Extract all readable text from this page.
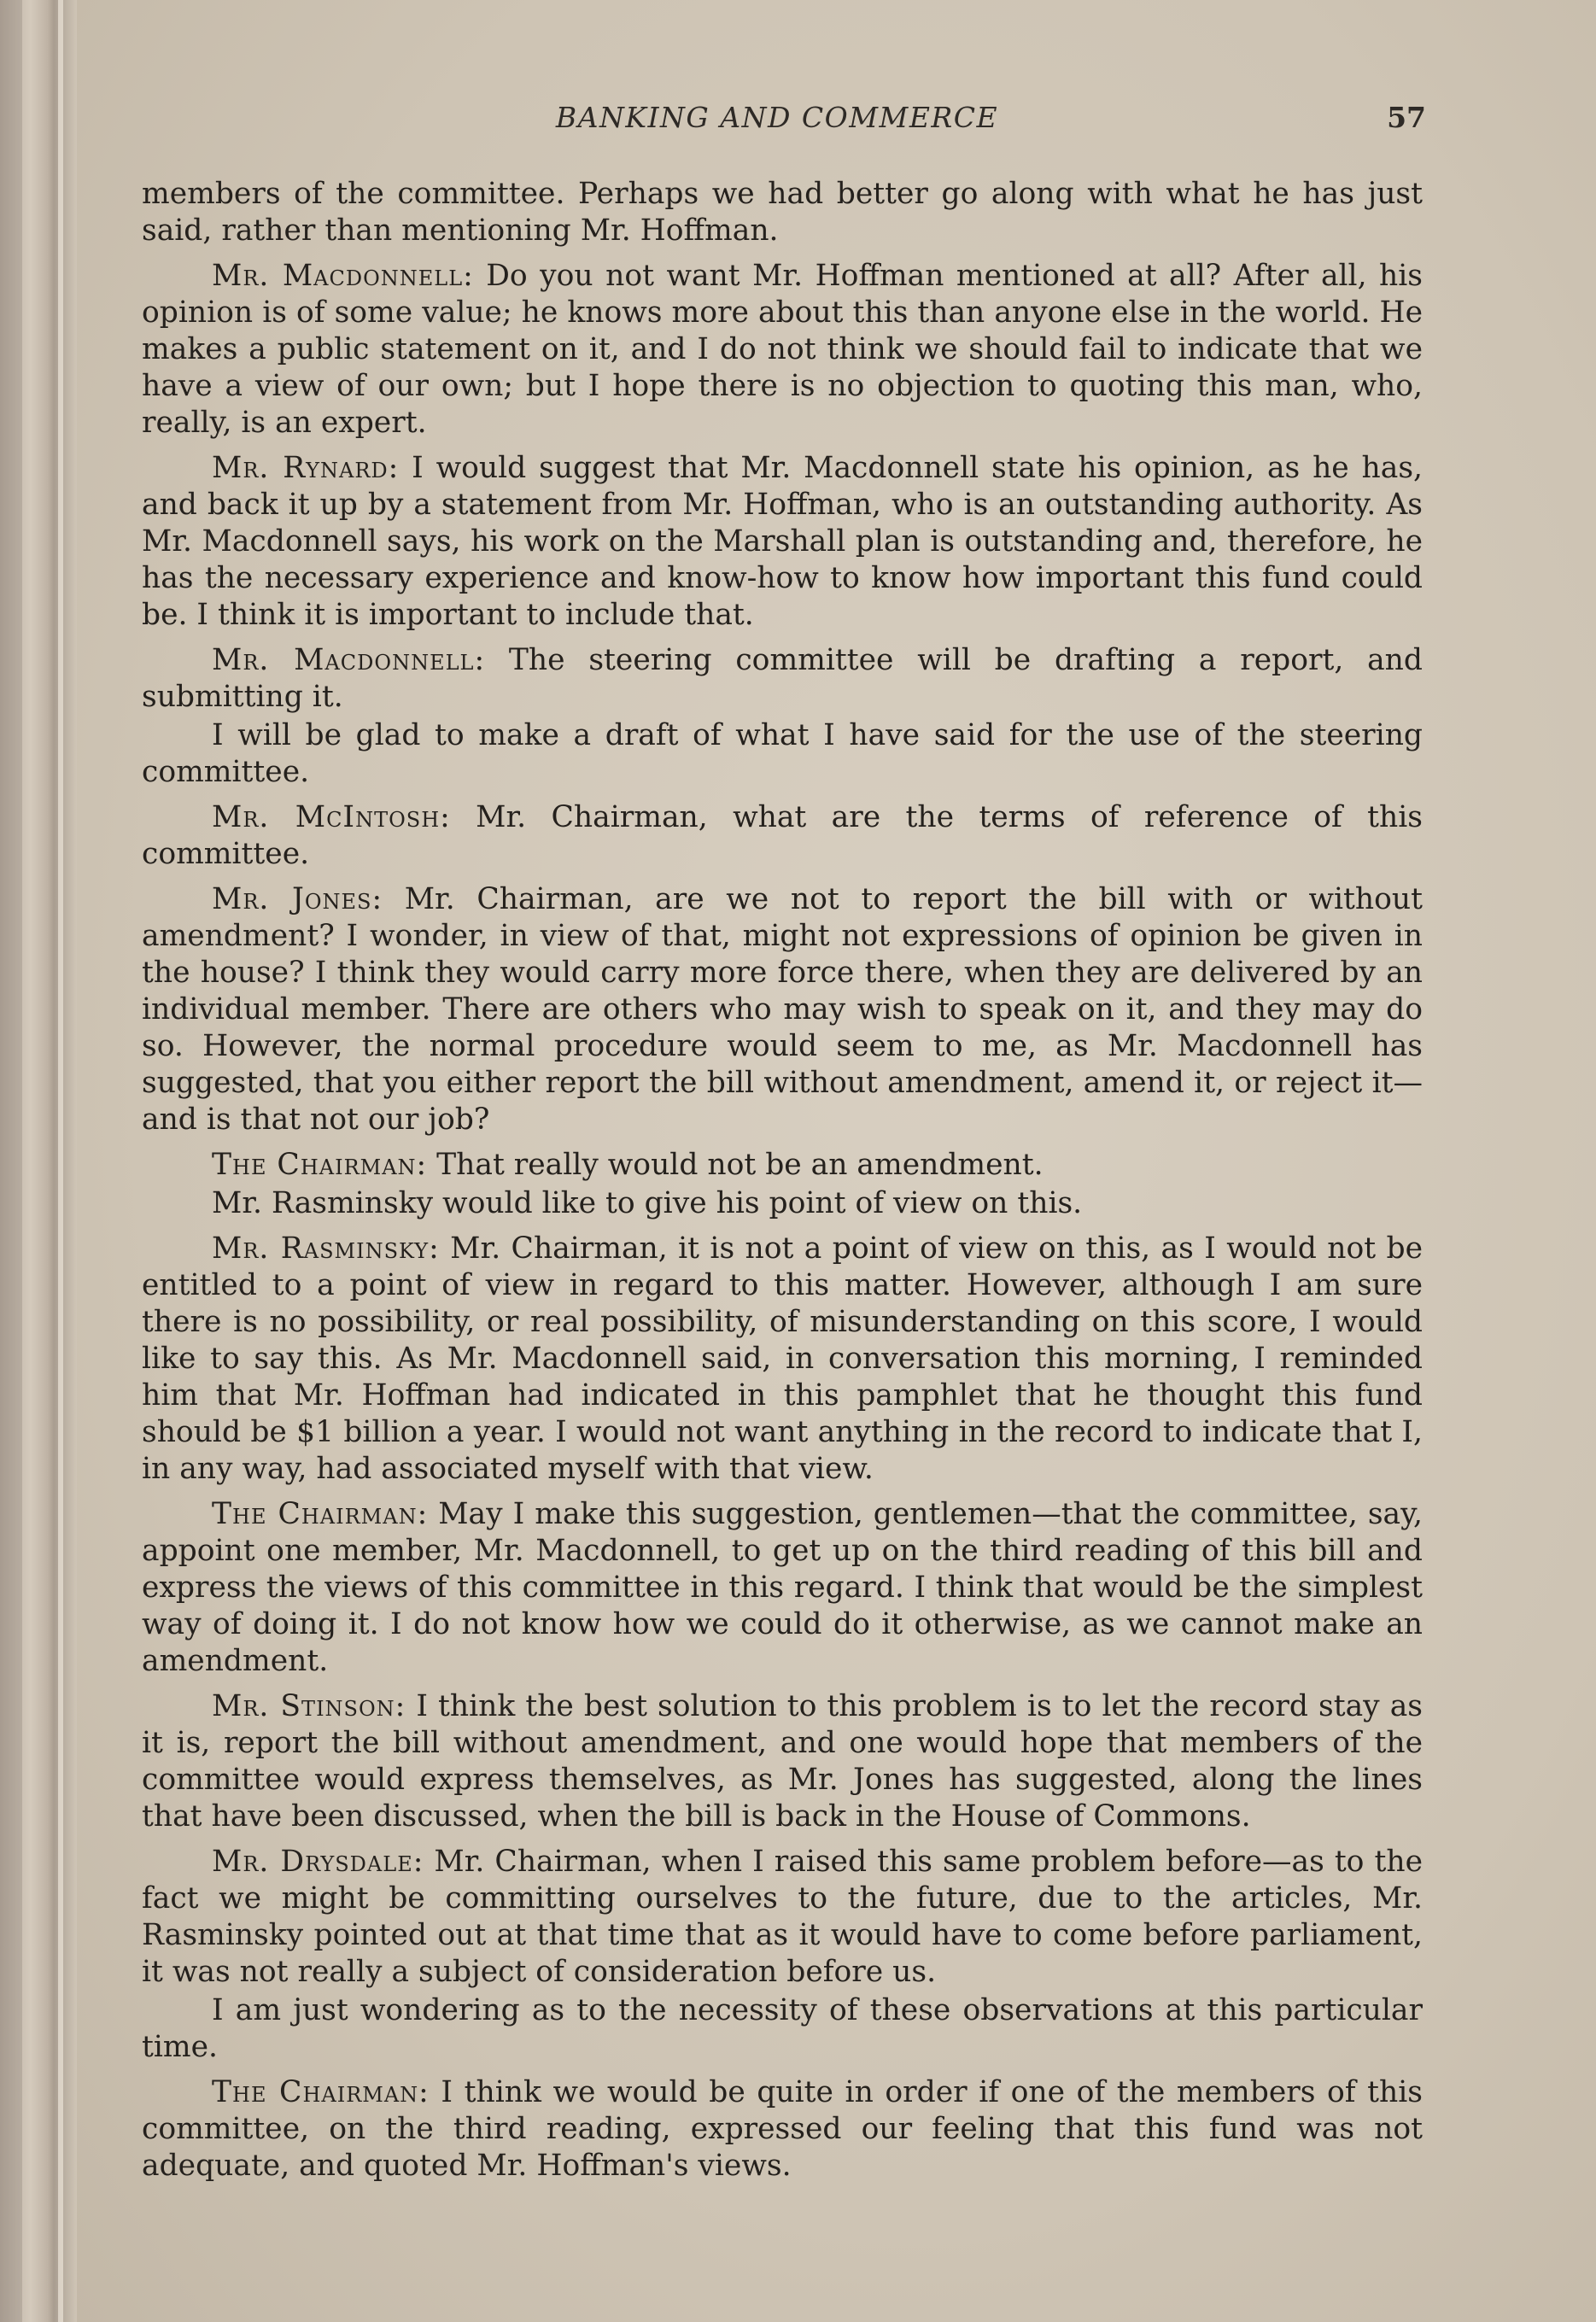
BANKING AND COMMERCE	57

members of the committee. Perhaps we had better go along with what he has just said, rather than mentioning Mr. Hoffman.

Mr. Macdonnell: Do you not want Mr. Hoffman mentioned at all? After all, his opinion is of some value; he knows more about this than anyone else in the world. He makes a public statement on it, and I do not think we should fail to indicate that we have a view of our own; but I hope there is no objection to quoting this man, who, really, is an expert.

Mr. Rynard: I would suggest that Mr. Macdonnell state his opinion, as he has, and back it up by a statement from Mr. Hoffman, who is an outstanding authority. As Mr. Macdonnell says, his work on the Marshall plan is outstanding and, therefore, he has the necessary experience and know-how to know how important this fund could be. I think it is important to include that.

Mr. Macdonnell: The steering committee will be drafting a report, and submitting it.

I will be glad to make a draft of what I have said for the use of the steering committee.

Mr. McIntosh: Mr. Chairman, what are the terms of reference of this committee.

Mr. Jones: Mr. Chairman, are we not to report the bill with or without amendment? I wonder, in view of that, might not expressions of opinion be given in the house? I think they would carry more force there, when they are delivered by an individual member. There are others who may wish to speak on it, and they may do so. However, the normal procedure would seem to me, as Mr. Macdonnell has suggested, that you either report the bill without amendment, amend it, or reject it—and is that not our job?

The Chairman: That really would not be an amendment.

Mr. Rasminsky would like to give his point of view on this.

Mr. Rasminsky: Mr. Chairman, it is not a point of view on this, as I would not be entitled to a point of view in regard to this matter. However, although I am sure there is no possibility, or real possibility, of misunderstanding on this score, I would like to say this. As Mr. Macdonnell said, in conversation this morning, I reminded him that Mr. Hoffman had indicated in this pamphlet that he thought this fund should be $1 billion a year. I would not want anything in the record to indicate that I, in any way, had associated myself with that view.

The Chairman: May I make this suggestion, gentlemen—that the committee, say, appoint one member, Mr. Macdonnell, to get up on the third reading of this bill and express the views of this committee in this regard. I think that would be the simplest way of doing it. I do not know how we could do it otherwise, as we cannot make an amendment.

Mr. Stinson: I think the best solution to this problem is to let the record stay as it is, report the bill without amendment, and one would hope that members of the committee would express themselves, as Mr. Jones has suggested, along the lines that have been discussed, when the bill is back in the House of Commons.

Mr. Drysdale: Mr. Chairman, when I raised this same problem before—as to the fact we might be committing ourselves to the future, due to the articles, Mr. Rasminsky pointed out at that time that as it would have to come before parliament, it was not really a subject of consideration before us.

I am just wondering as to the necessity of these observations at this particular time.

The Chairman: I think we would be quite in order if one of the members of this committee, on the third reading, expressed our feeling that this fund was not adequate, and quoted Mr. Hoffman's views.
